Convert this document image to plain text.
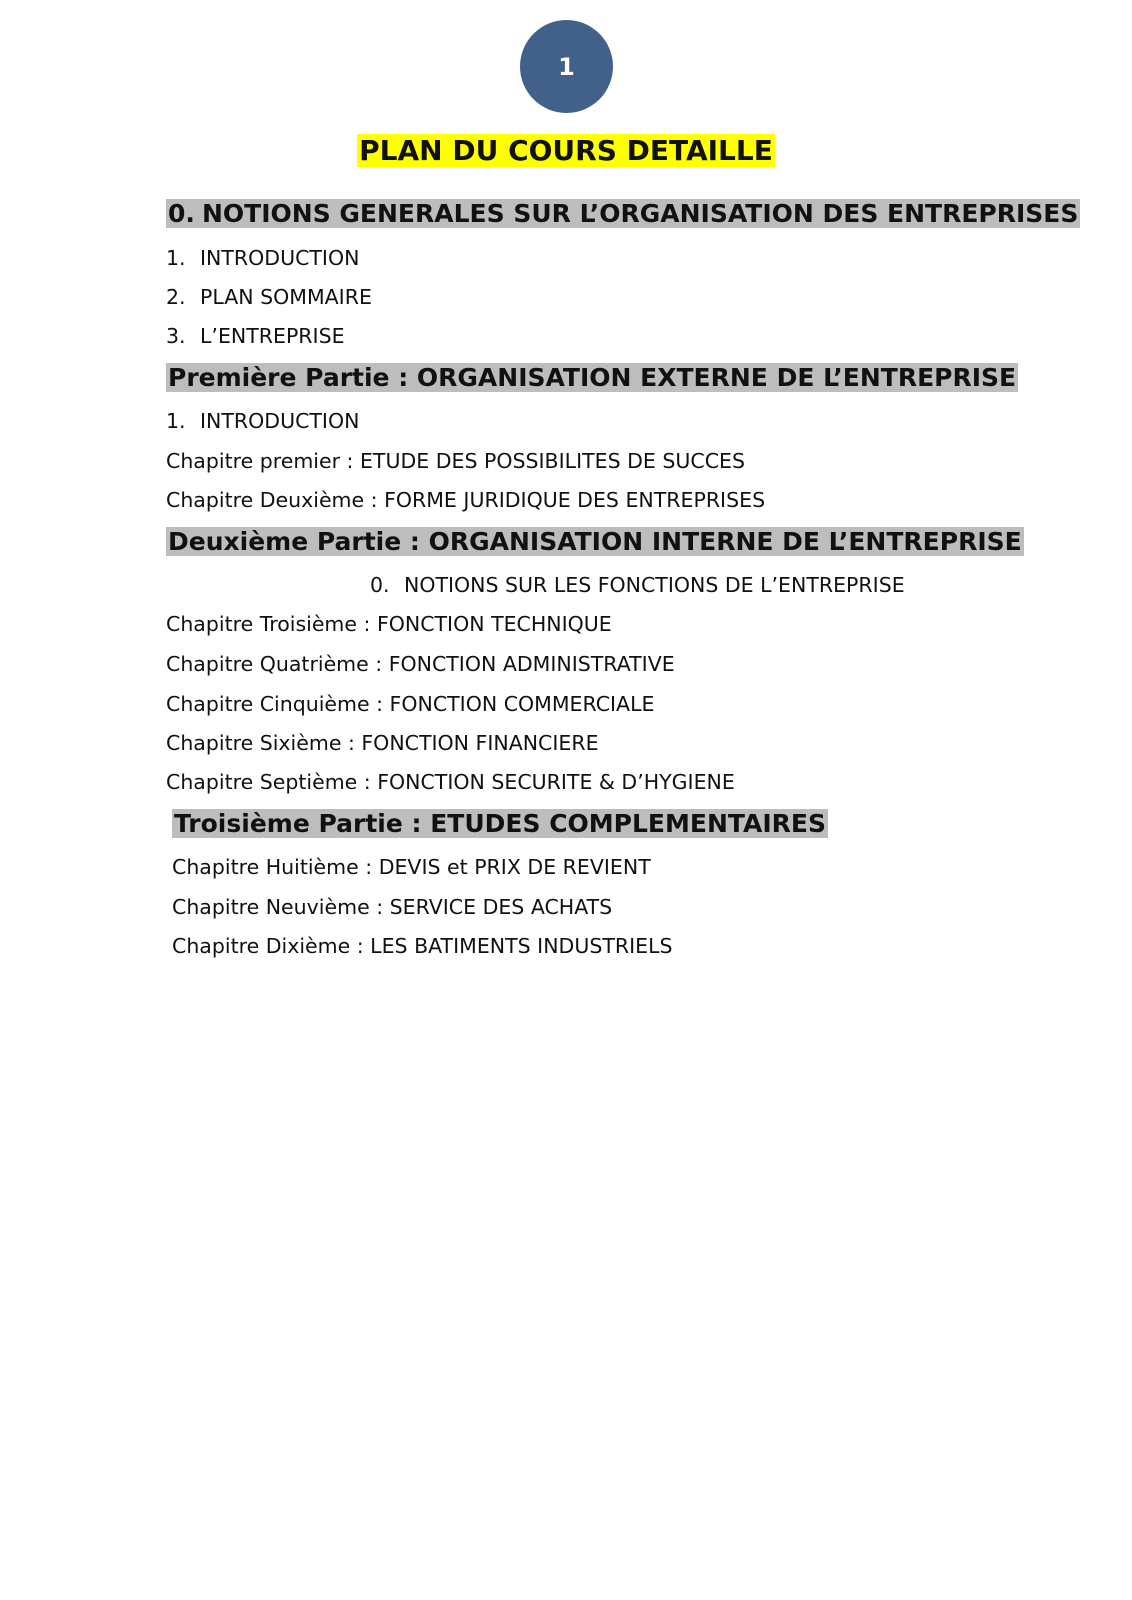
1
PLAN DU COURS DETAILLE
0. NOTIONS GENERALES SUR L’ORGANISATION DES ENTREPRISES
1. INTRODUCTION
2. PLAN SOMMAIRE
3. L’ENTREPRISE
Première Partie : ORGANISATION EXTERNE DE L’ENTREPRISE
1. INTRODUCTION
Chapitre premier : ETUDE DES POSSIBILITES DE SUCCES
Chapitre Deuxième : FORME JURIDIQUE DES ENTREPRISES
Deuxième Partie : ORGANISATION INTERNE DE L’ENTREPRISE
0. NOTIONS SUR LES FONCTIONS DE L’ENTREPRISE
Chapitre Troisième : FONCTION TECHNIQUE
Chapitre Quatrième : FONCTION ADMINISTRATIVE
Chapitre Cinquième : FONCTION COMMERCIALE
Chapitre Sixième : FONCTION FINANCIERE
Chapitre Septième : FONCTION SECURITE & D’HYGIENE
Troisième Partie : ETUDES COMPLEMENTAIRES
Chapitre Huitième : DEVIS et PRIX DE REVIENT
Chapitre Neuvième : SERVICE DES ACHATS
Chapitre Dixième : LES BATIMENTS INDUSTRIELS
